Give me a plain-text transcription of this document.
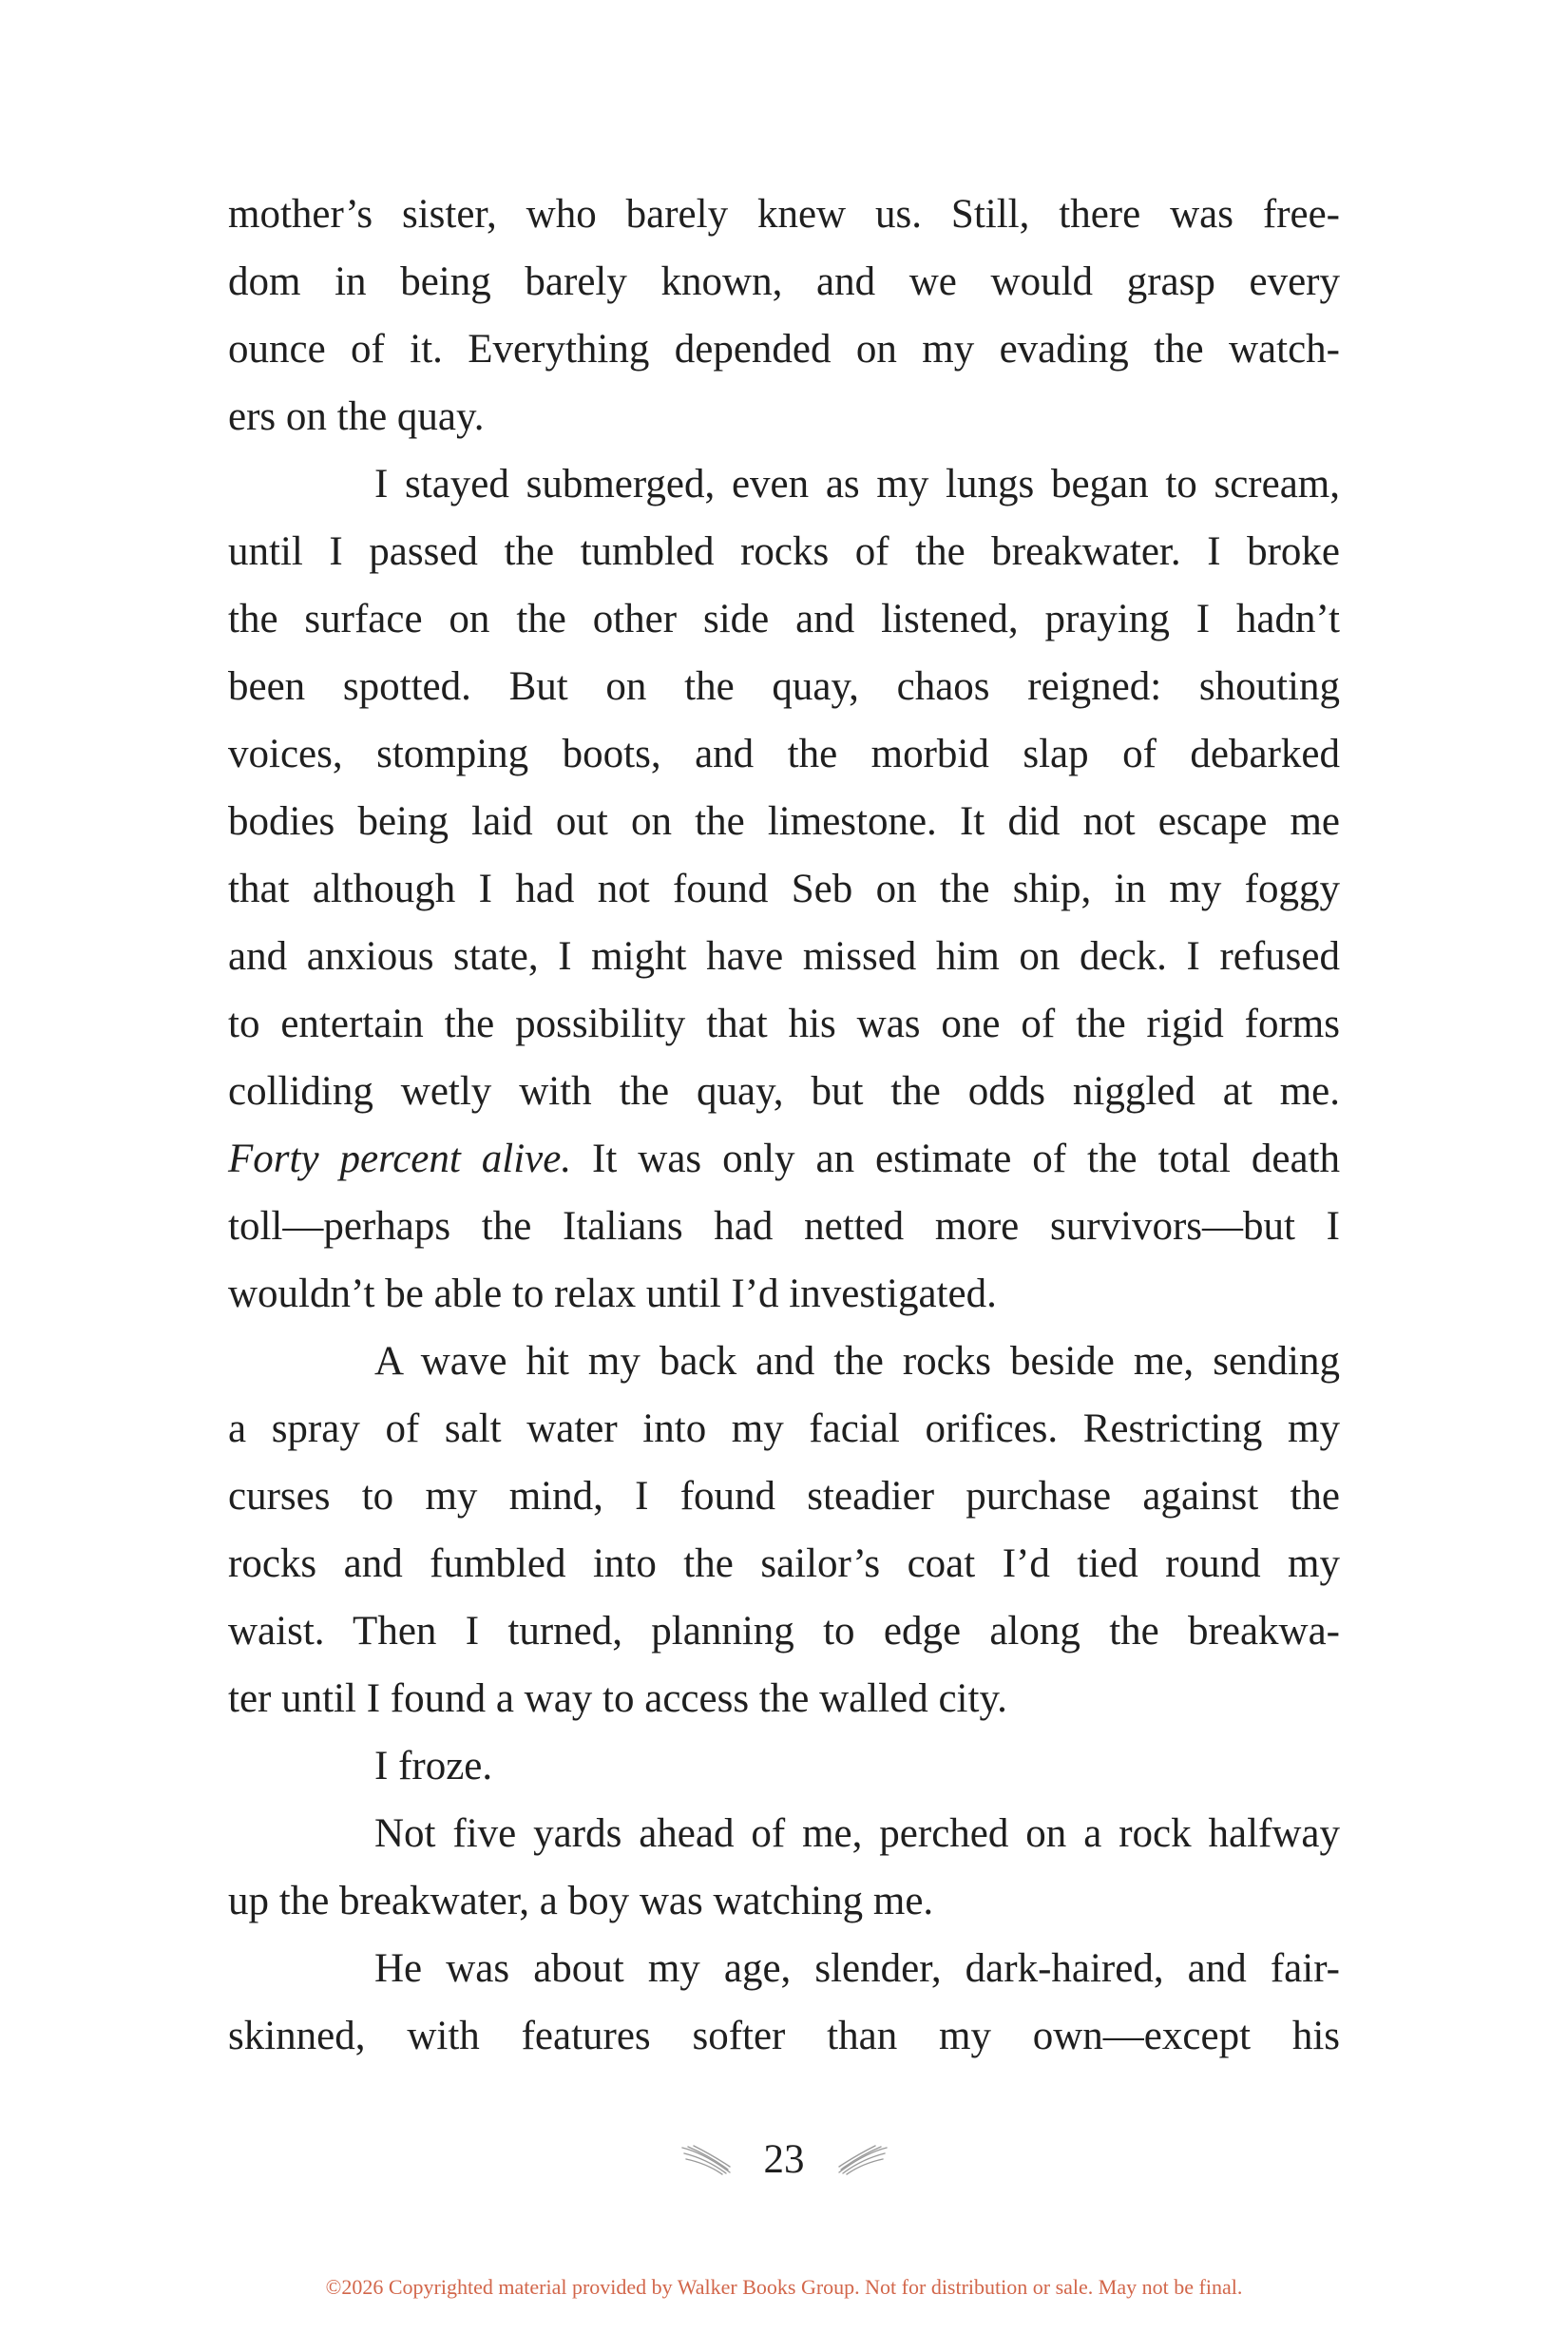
mother’s sister, who barely knew us. Still, there was free-
dom in being barely known, and we would grasp every
ounce of it. Everything depended on my evading the watch-
ers on the quay.

I stayed submerged, even as my lungs began to scream,
until I passed the tumbled rocks of the breakwater. I broke
the surface on the other side and listened, praying I hadn’t
been spotted. But on the quay, chaos reigned: shouting
voices, stomping boots, and the morbid slap of debarked
bodies being laid out on the limestone. It did not escape me
that although I had not found Seb on the ship, in my foggy
and anxious state, I might have missed him on deck. I refused
to entertain the possibility that his was one of the rigid forms
colliding wetly with the quay, but the odds niggled at me.
Forty percent alive. It was only an estimate of the total death
toll—perhaps the Italians had netted more survivors—but I
wouldn’t be able to relax until I’d investigated.

A wave hit my back and the rocks beside me, sending
a spray of salt water into my facial orifices. Restricting my
curses to my mind, I found steadier purchase against the
rocks and fumbled into the sailor’s coat I’d tied round my
waist. Then I turned, planning to edge along the breakwa-
ter until I found a way to access the walled city.

I froze.

Not five yards ahead of me, perched on a rock halfway
up the breakwater, a boy was watching me.

He was about my age, slender, dark-haired, and fair-
skinned, with features softer than my own—except his

23
©2026 Copyrighted material provided by Walker Books Group. Not for distribution or sale. May not be final.
